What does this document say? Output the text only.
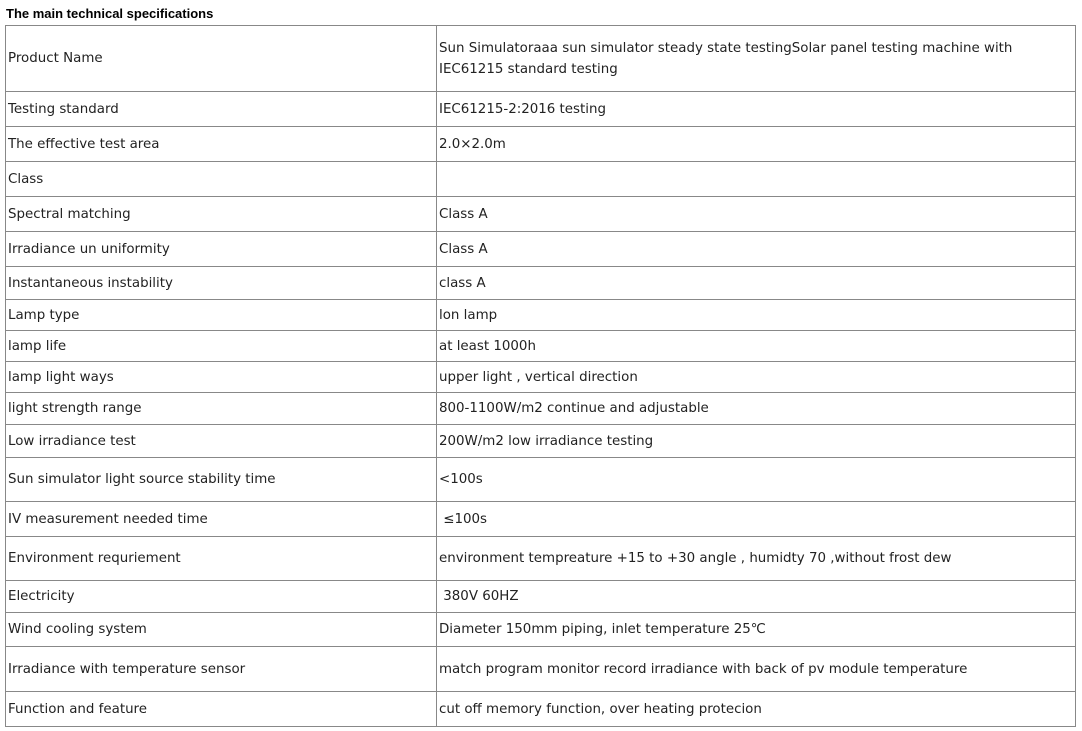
The main technical specifications
Product Name	Sun Simulatoraaa sun simulator steady state testingSolar panel testing machine with IEC61215 standard testing
Testing standard	IEC61215-2:2016 testing
The effective test area	2.0×2.0m
Class	
Spectral matching	Class A
Irradiance un uniformity	Class A
Instantaneous instability	class A
Lamp type	lon lamp
lamp life	at least 1000h
lamp light ways	upper light , vertical direction
light strength range	800-1100W/m2 continue and adjustable
Low irradiance test	200W/m2 low irradiance testing
Sun simulator light source stability time	<100s
IV measurement needed time	≤100s
Environment requriement	environment tempreature +15 to +30 angle , humidty 70 ,without frost dew
Electricity	380V 60HZ
Wind cooling system	Diameter 150mm piping, inlet temperature 25℃
Irradiance with temperature sensor	match program monitor record irradiance with back of pv module temperature
Function and feature	cut off memory function, over heating protecion
